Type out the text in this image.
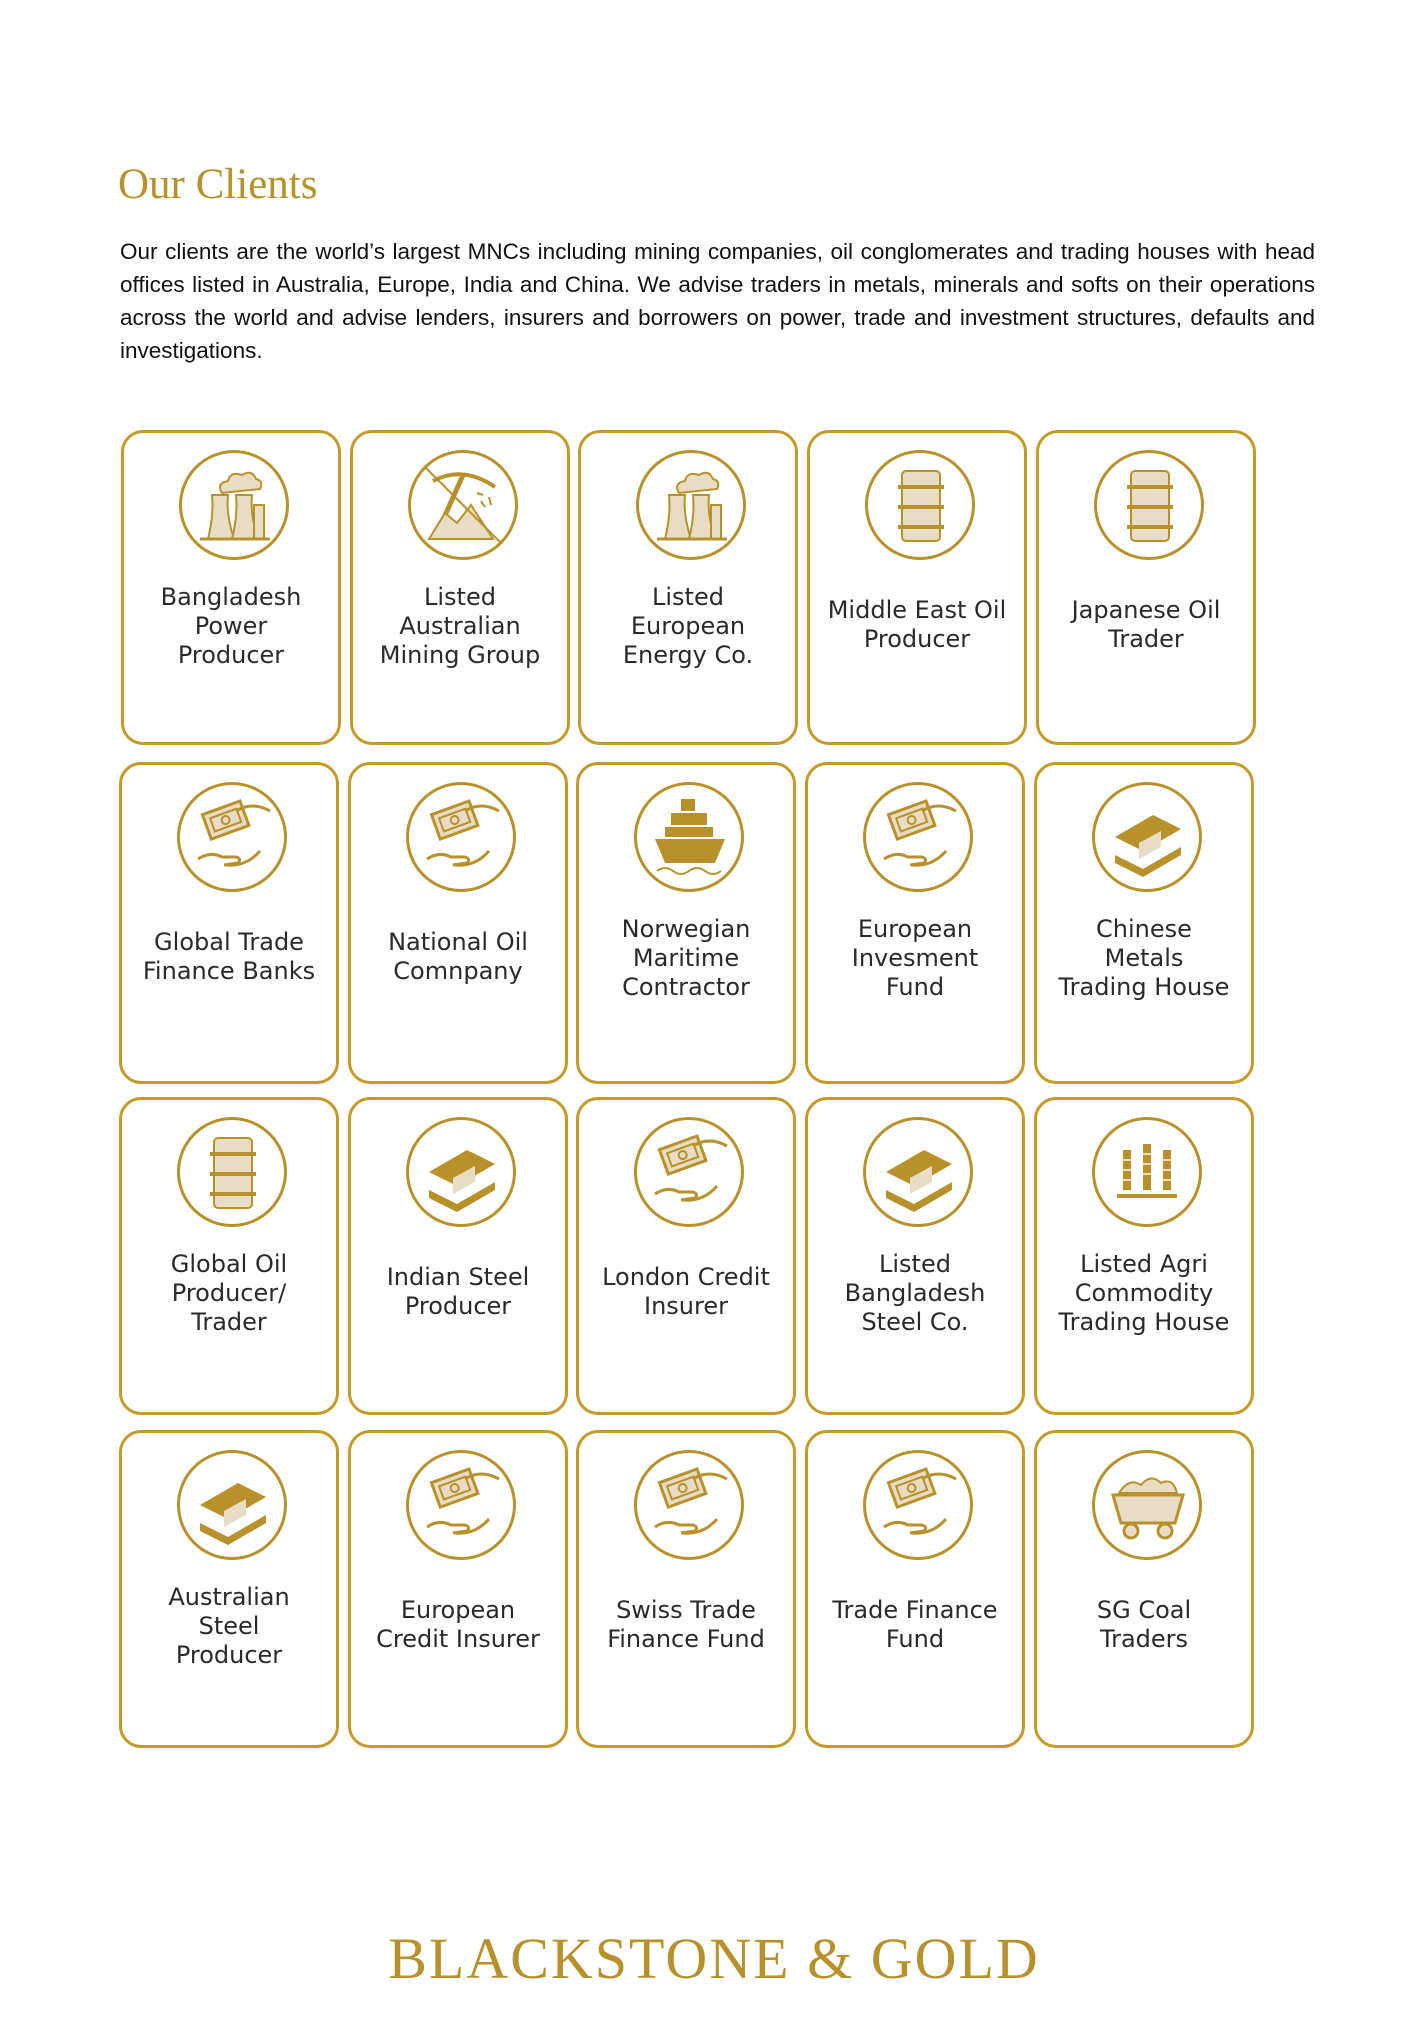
Our Clients

Our clients are the world’s largest MNCs including mining companies, oil conglomerates and trading houses with head offices listed in Australia, Europe, India and China. We advise traders in metals, minerals and softs on their operations across the world and advise lenders, insurers and borrowers on power, trade and investment structures, defaults and investigations.

Bangladesh
Power
Producer
Listed
Australian
Mining Group
Listed
European
Energy Co.
Middle East Oil
Producer
Japanese Oil
Trader
Global Trade
Finance Banks
National Oil
Comnpany
Norwegian
Maritime
Contractor
European
Invesment
Fund
Chinese
Metals
Trading House
Global Oil
Producer/
Trader
Indian Steel
Producer
London Credit
Insurer
Listed
Bangladesh
Steel Co.
Listed Agri
Commodity
Trading House
Australian
Steel
Producer
European
Credit Insurer
Swiss Trade
Finance Fund
Trade Finance
Fund
SG Coal
Traders
BLACKSTONE & GOLD
